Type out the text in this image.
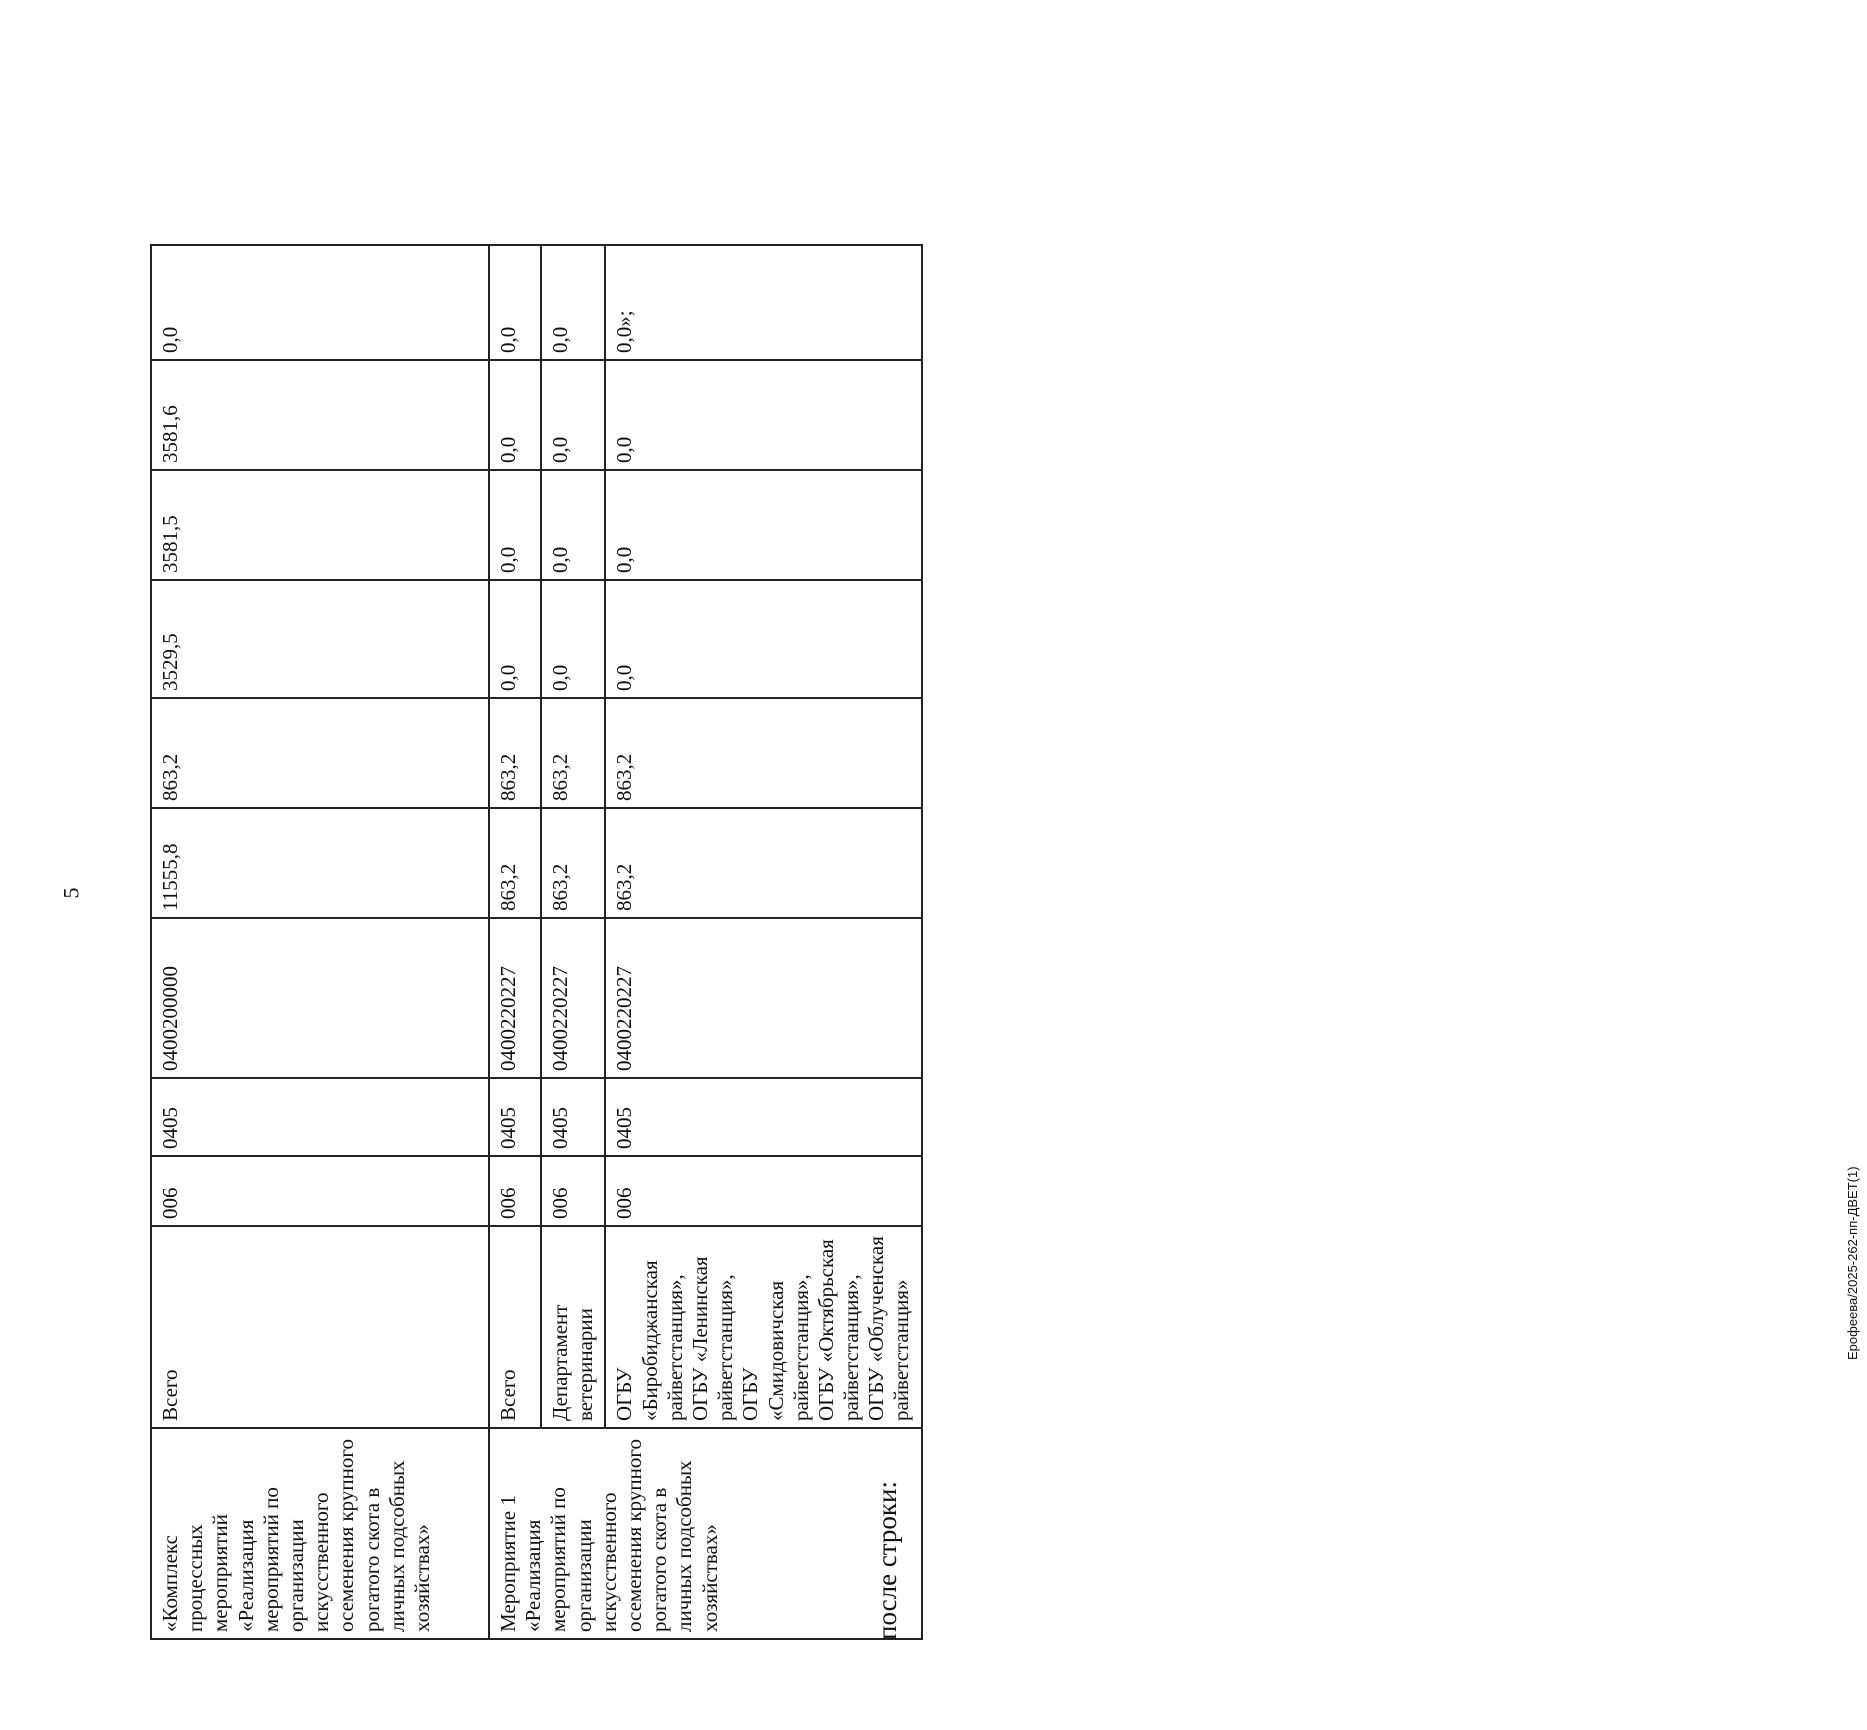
5
Ерофеева/2025-262-пп-ДВЕТ(1)
«Комплекс процессных мероприятий «Реализация мероприятий по организации искусственного осеменения крупного рогатого скота в личных подсобных хозяйствах»	Всего	006	0405	0400200000	11555,8	863,2	3529,5	3581,5	3581,6	0,0
Мероприятие 1 «Реализация мероприятий по организации искусственного осеменения крупного рогатого скота в личных подсобных хозяйствах»	Всего	006	0405	0400220227	863,2	863,2	0,0	0,0	0,0	0,0
	Департамент ветеринарии	006	0405	0400220227	863,2	863,2	0,0	0,0	0,0	0,0
	ОГБУ «Биробиджанская райветстанция», ОГБУ «Ленинская райветстанция», ОГБУ «Смидовичская райветстанция», ОГБУ «Октябрьская райветстанция», ОГБУ «Облученская райветстанция»	006	0405	0400220227	863,2	863,2	0,0	0,0	0,0	0,0»;
после строки:
